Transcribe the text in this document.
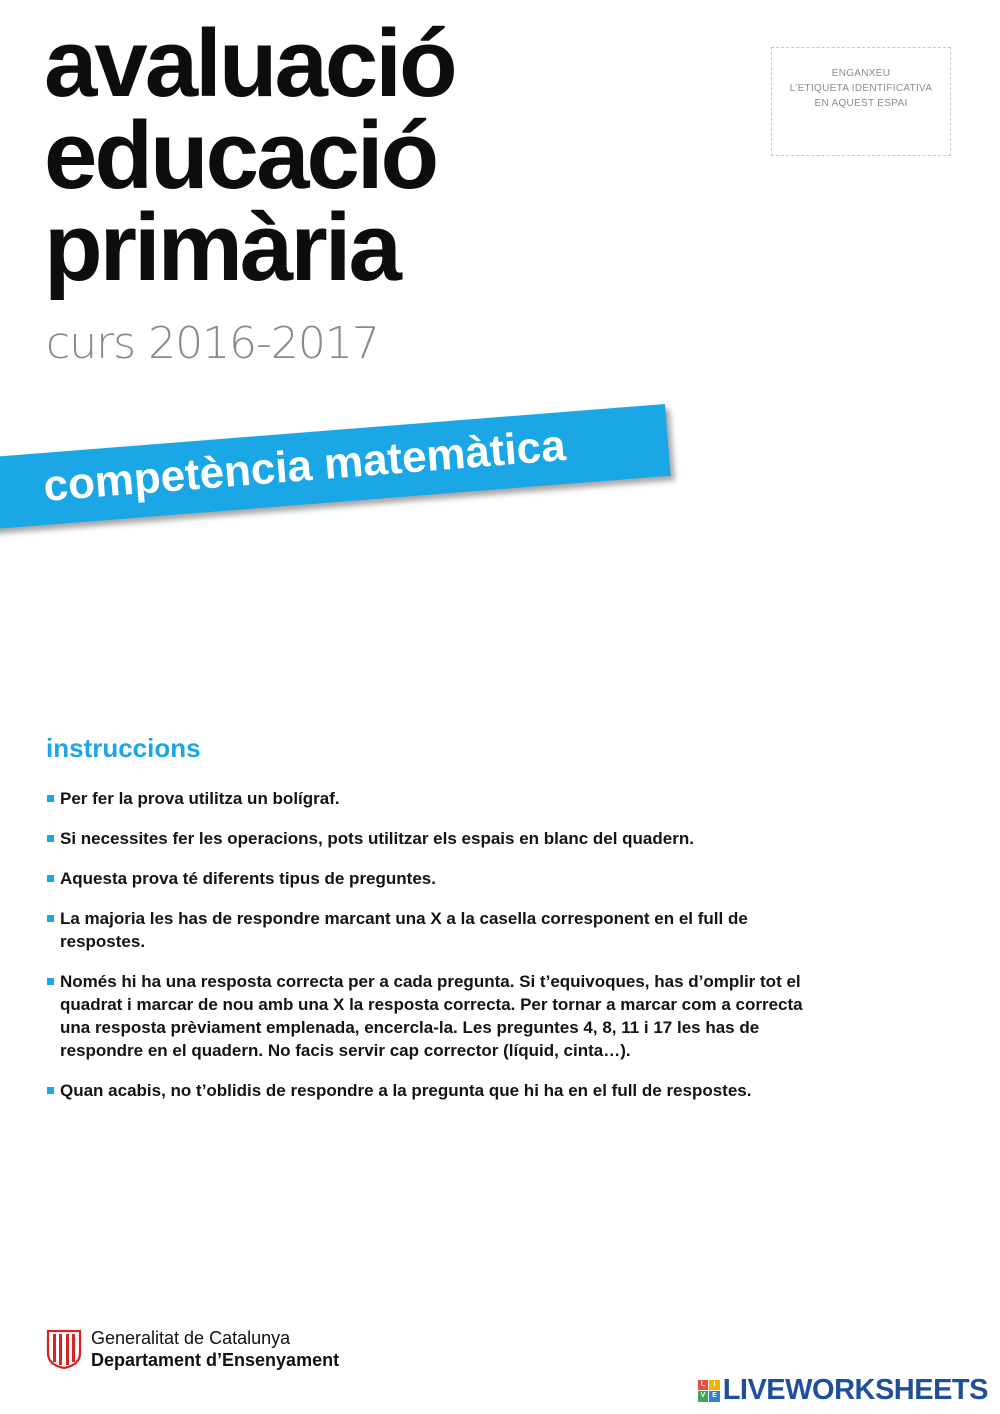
avaluació
educació
primària
curs 2016-2017
ENGANXEU
L’ETIQUETA IDENTIFICATIVA
EN AQUEST ESPAI
competència matemàtica
instruccions
Per fer la prova utilitza un bolígraf.
Si necessites fer les operacions, pots utilitzar els espais en blanc del quadern.
Aquesta prova té diferents tipus de preguntes.
La majoria les has de respondre marcant una X a la casella corresponent en el full de respostes.
Només hi ha una resposta correcta per a cada pregunta. Si t’equivoques, has d’omplir tot el quadrat i marcar de nou amb una X la resposta correcta. Per tornar a marcar com a correcta una resposta prèviament emplenada, encercla-la. Les preguntes 4, 8, 11 i 17 les has de respondre en el quadern. No facis servir cap corrector (líquid, cinta…).
Quan acabis, no t’oblidis de respondre a la pregunta que hi ha en el full de respostes.
Generalitat de Catalunya
Departament d’Ensenyament
L	I
V E LIVEWORKSHEETS
